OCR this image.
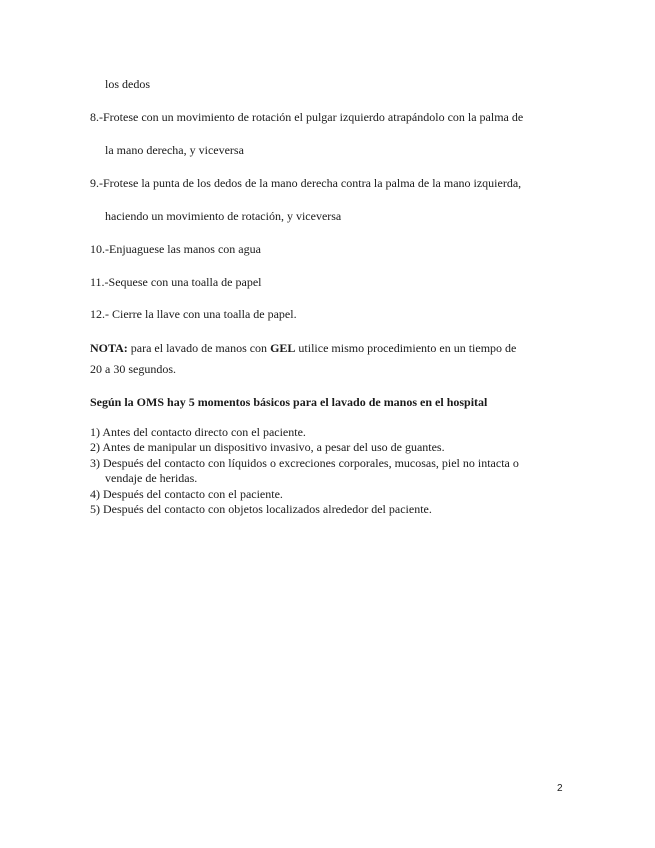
los dedos
8.-Frotese con un movimiento de rotación el pulgar izquierdo atrapándolo con la palma de
la mano derecha, y viceversa
9.-Frotese la punta de los dedos de la mano derecha contra la palma de la mano izquierda,
haciendo un movimiento de rotación, y viceversa
10.-Enjuaguese las manos con agua
11.-Sequese con una toalla de papel
12.- Cierre la llave con una toalla de papel.
NOTA: para el lavado de manos con GEL utilice mismo procedimiento en un tiempo de
20 a 30 segundos.
Según la OMS hay 5 momentos básicos para el lavado de manos en el hospital
1) Antes del contacto directo con el paciente.
2) Antes de manipular un dispositivo invasivo, a pesar del uso de guantes.
3) Después del contacto con líquidos o excreciones corporales, mucosas, piel no intacta o
vendaje de heridas.
4) Después del contacto con el paciente.
5) Después del contacto con objetos localizados alrededor del paciente.
2
